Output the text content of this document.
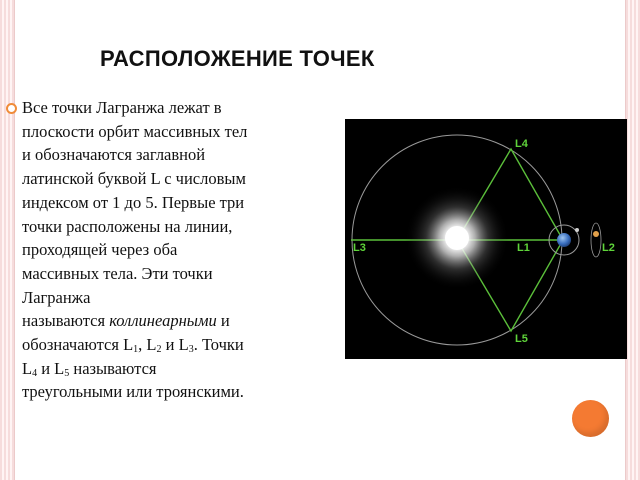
РАСПОЛОЖЕНИЕ ТОЧЕК
Все точки Лагранжа лежат в
плоскости орбит массивных тел
и обозначаются заглавной
латинской буквой L с числовым
индексом от 1 до 5. Первые три
точки расположены на линии,
проходящей через оба
массивных тела. Эти точки
Лагранжа
называются коллинеарными и
обозначаются $L_1$, $L_2$ и $L_3$. Точки
$L_4$ и $L_5$ называются
треугольными или троянскими.
L3
L4
L5
L1	L2
